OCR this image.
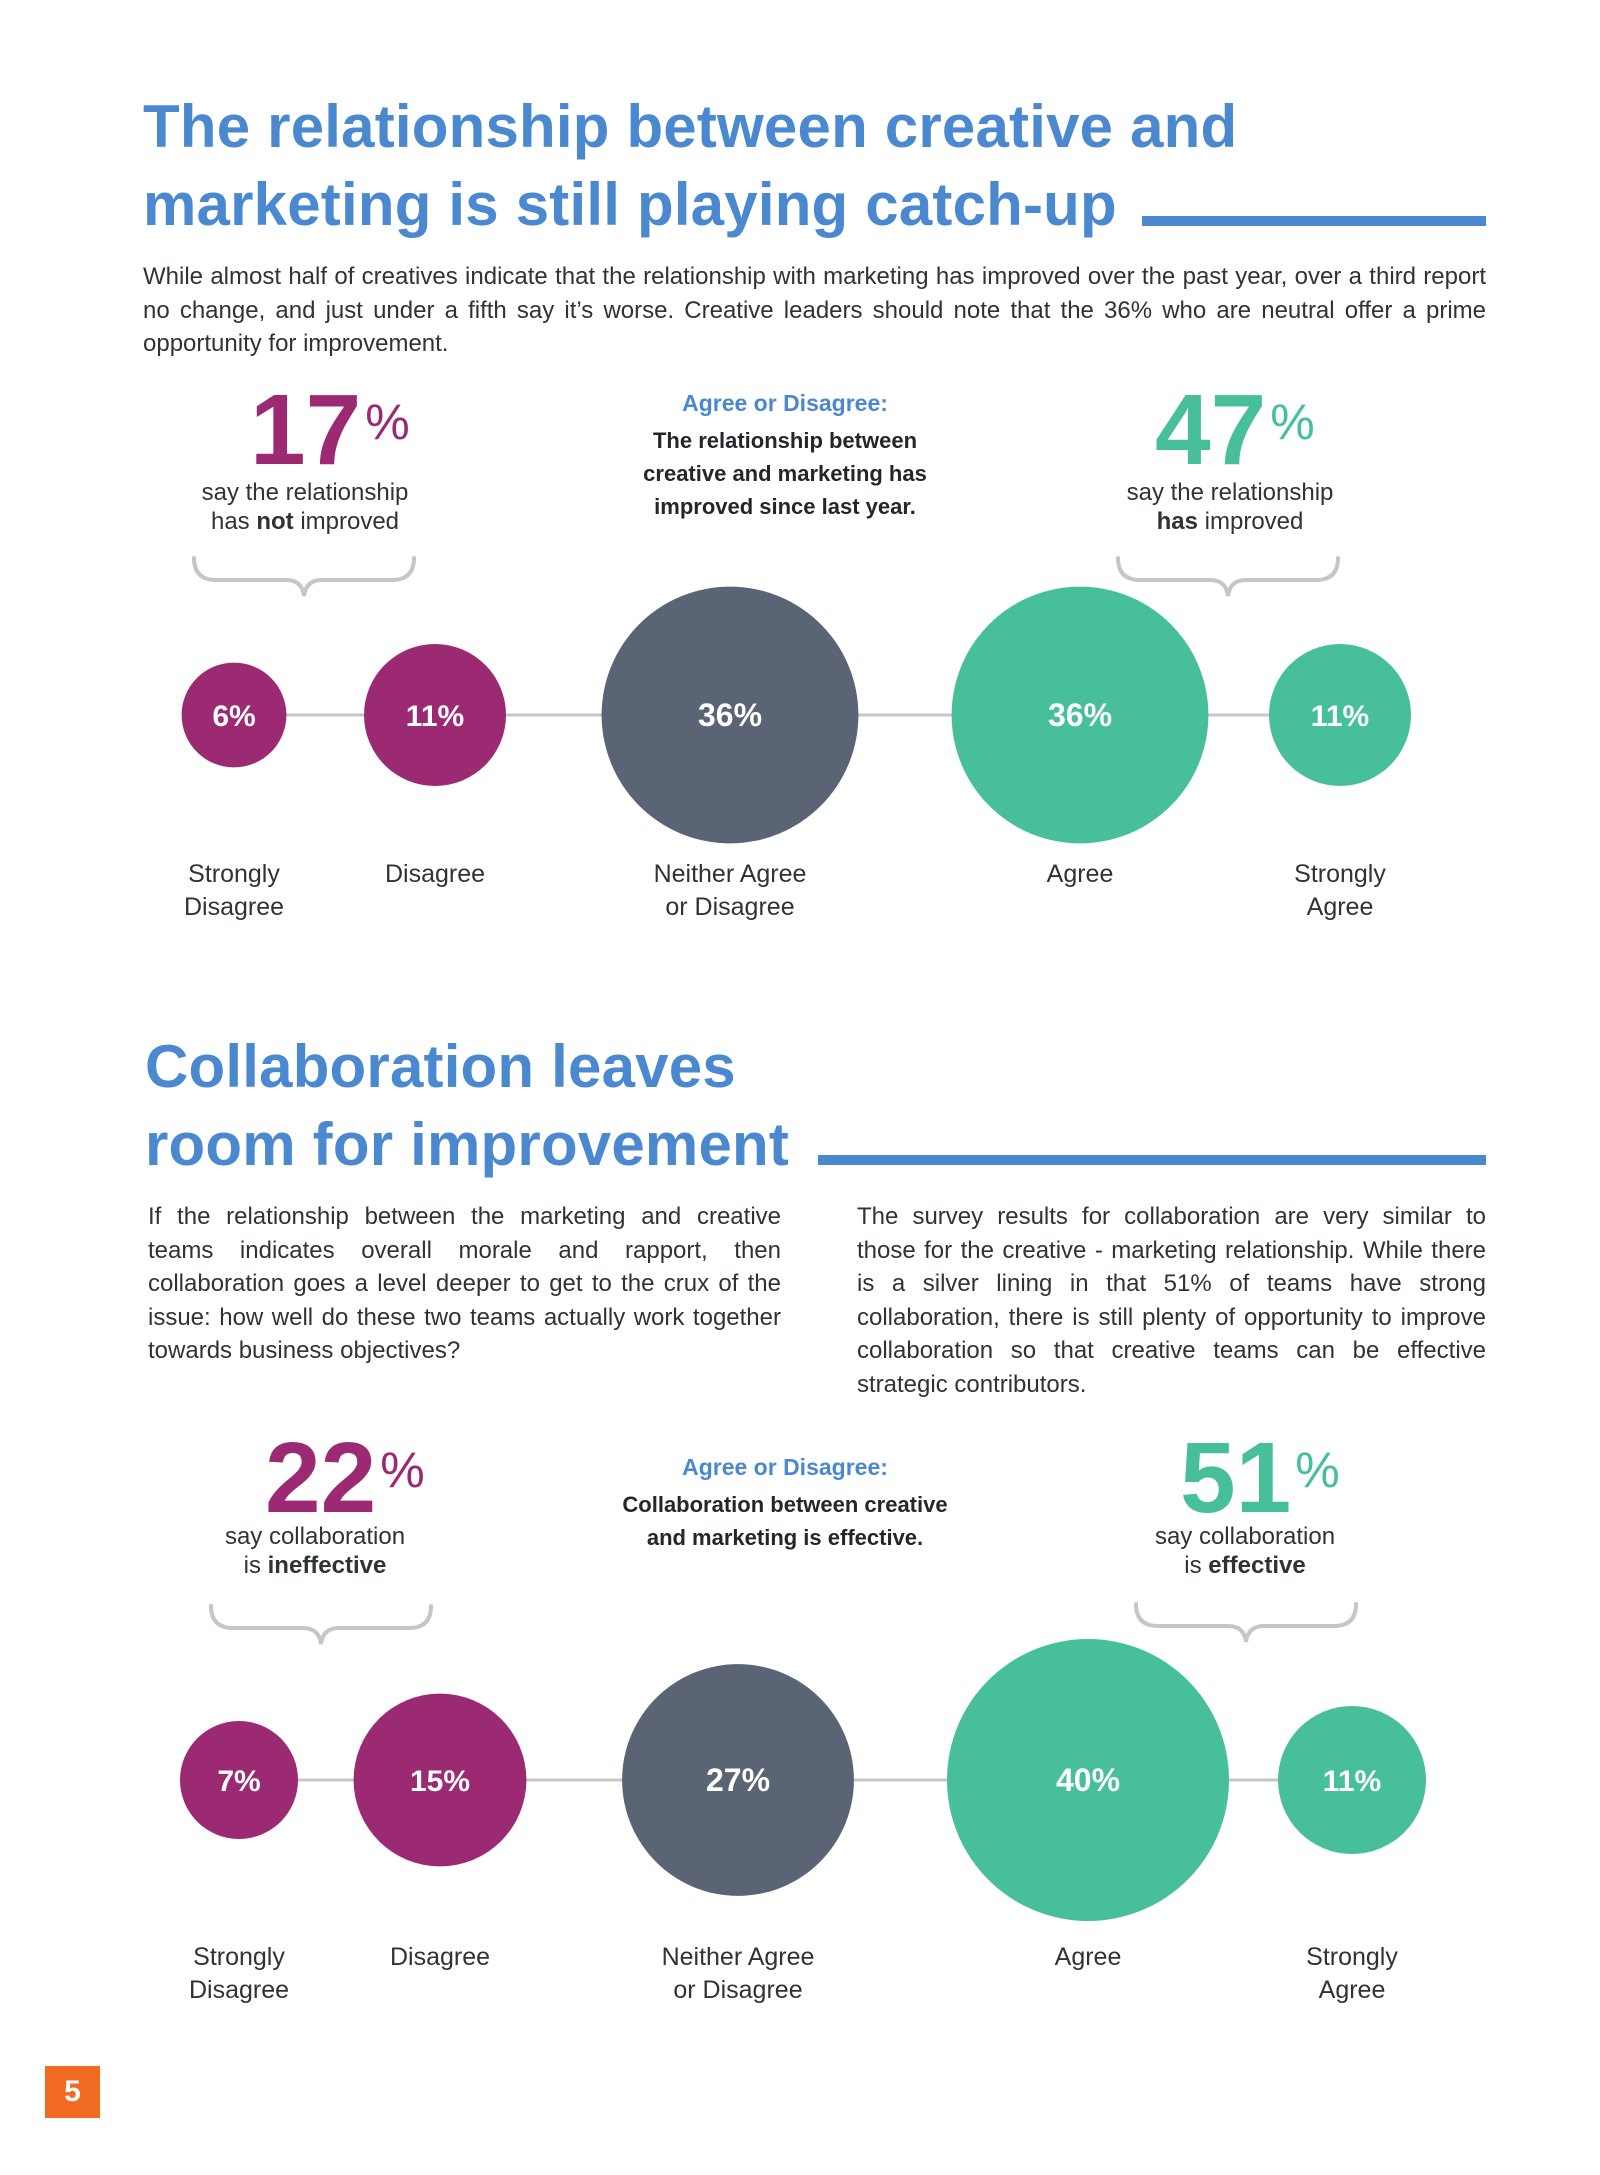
The relationship between creative and
marketing is still playing catch-up

While almost half of creatives indicate that the relationship with marketing has improved over the past year, over a third report no change, and just under a fifth say it’s worse. Creative leaders should note that the 36% who are neutral offer a prime opportunity for improvement.

17%
say the relationship
has not improved
Agree or Disagree:
The relationship between
creative and marketing has
improved since last year.
47%
say the relationship
has improved
6%
Strongly Disagree
11%
Disagree
36%
Neither Agree or Disagree
36%
Agree
11%
Strongly Agree
Collaboration leaves
room for improvement

If the relationship between the marketing and creative teams indicates overall morale and rapport, then collaboration goes a level deeper to get to the crux of the issue: how well do these two teams actually work together towards business objectives?

The survey results for collaboration are very similar to those for the creative - marketing relationship. While there is a silver lining in that 51% of teams have strong collaboration, there is still plenty of opportunity to improve collaboration so that creative teams can be effective strategic contributors.

22%
say collaboration
is ineffective
Agree or Disagree:
Collaboration between creative
and marketing is effective.
51%
say collaboration
is effective
7%
Strongly Disagree
15%
Disagree
27%
Neither Agree or Disagree
40%
Agree
11%
Strongly Agree
5
